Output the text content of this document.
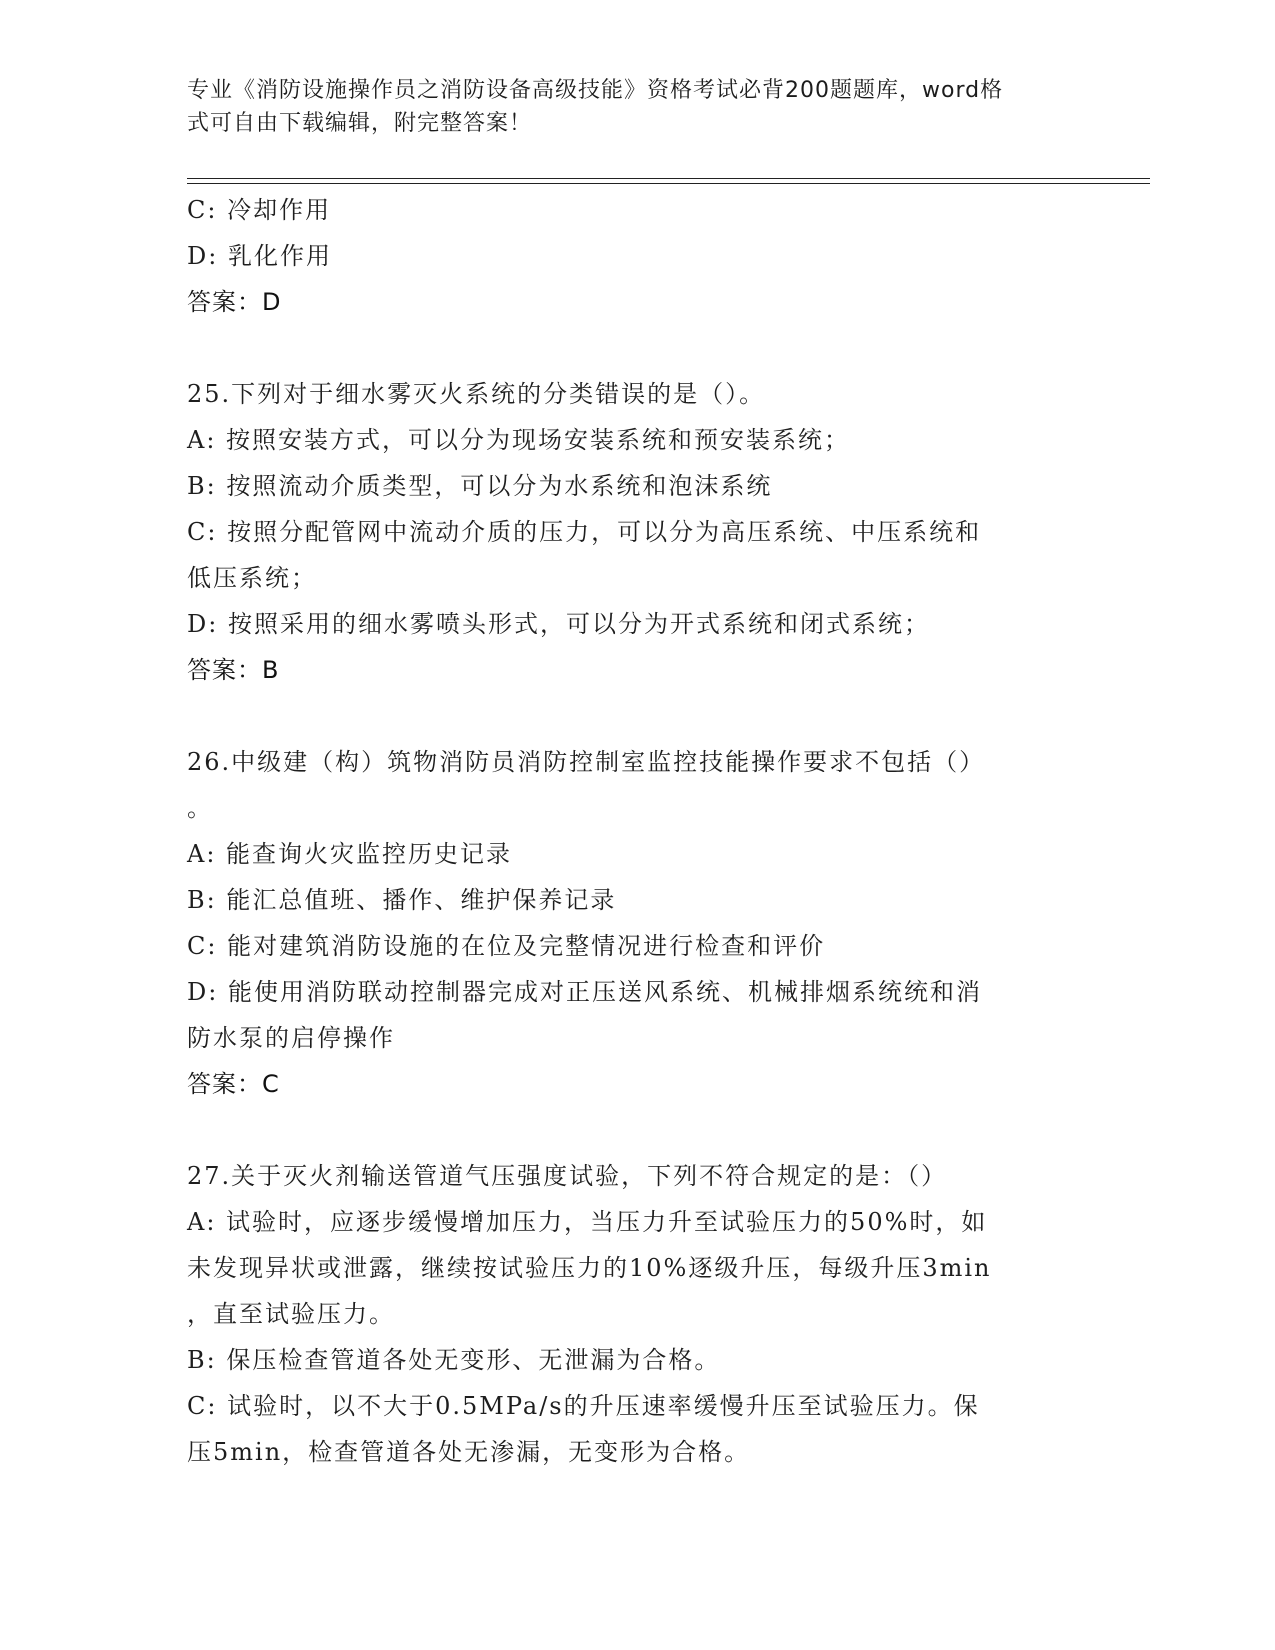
专业《消防设施操作员之消防设备高级技能》资格考试必背200题题库，word格
式可自由下载编辑，附完整答案！
C: 冷却作用
D: 乳化作用
答案：D
25.下列对于细水雾灭火系统的分类错误的是（）。
A: 按照安装方式，可以分为现场安装系统和预安装系统；
B: 按照流动介质类型，可以分为水系统和泡沫系统
C: 按照分配管网中流动介质的压力，可以分为高压系统、中压系统和
低压系统；
D: 按照采用的细水雾喷头形式，可以分为开式系统和闭式系统；
答案：B
26.中级建（构）筑物消防员消防控制室监控技能操作要求不包括（）
。
A: 能查询火灾监控历史记录
B: 能汇总值班、播作、维护保养记录
C: 能对建筑消防设施的在位及完整情况进行检查和评价
D: 能使用消防联动控制器完成对正压送风系统、机械排烟系统统和消
防水泵的启停操作
答案：C
27.关于灭火剂输送管道气压强度试验，下列不符合规定的是：（）
A: 试验时，应逐步缓慢增加压力，当压力升至试验压力的50%时，如
未发现异状或泄露，继续按试验压力的10%逐级升压，每级升压3min
，直至试验压力。
B: 保压检查管道各处无变形、无泄漏为合格。
C: 试验时，以不大于0.5MPa/s的升压速率缓慢升压至试验压力。保
压5min，检查管道各处无渗漏，无变形为合格。
